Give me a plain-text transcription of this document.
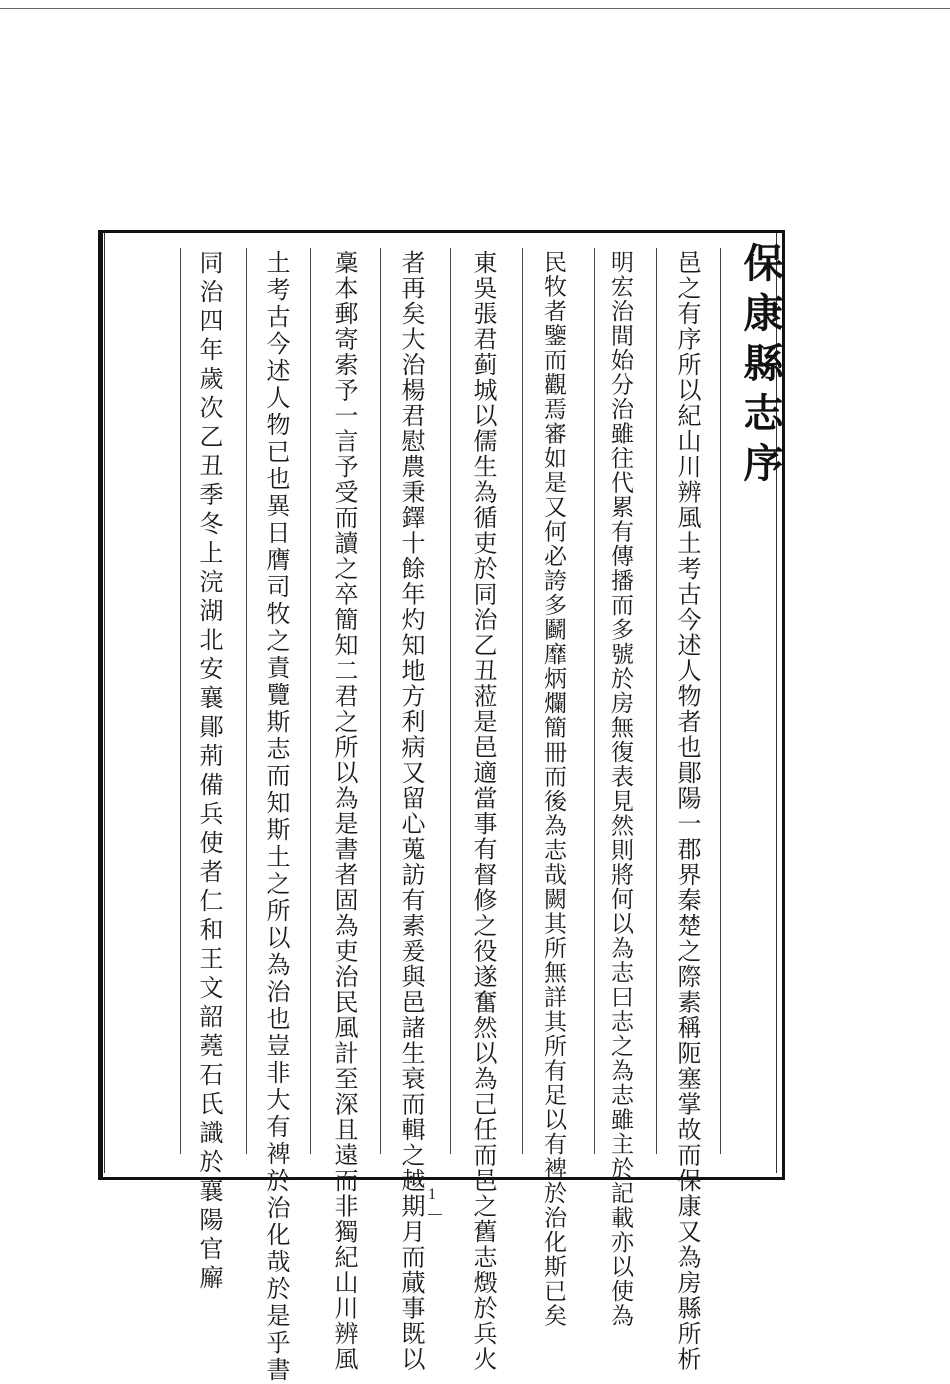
保康縣志序
邑之有序所以紀山川辨風土考古今述人物者也鄖陽一郡界秦楚之際素稱阨塞掌故而保康又為房縣所析
明宏治間始分治雖往代累有傳播而多號於房無復表見然則將何以為志曰志之為志雖主於記載亦以使為
民牧者鑒而觀焉審如是又何必誇多鬬靡炳爛簡冊而後為志哉闕其所無詳其所有足以有裨於治化斯已矣
東吳張君蓟城以儒生為循吏於同治乙丑蒞是邑適當事有督修之役遂奮然以為己任而邑之舊志燬於兵火
者再矣大治楊君慰農秉鐸十餘年灼知地方利病又留心蒐訪有素爰與邑諸生衰而輯之越期月而蕆事既以
稾本郵寄索予一言予受而讀之卒簡知二君之所以為是書者固為吏治民風計至深且遠而非獨紀山川辨風
土考古今述人物已也異日膺司牧之責覽斯志而知斯土之所以為治也豈非大有裨於治化哉於是乎書
同治四年歲次乙丑季冬上浣湖北安襄鄖荊備兵使者仁和王文韶蕘石氏識於襄陽官廨	1
